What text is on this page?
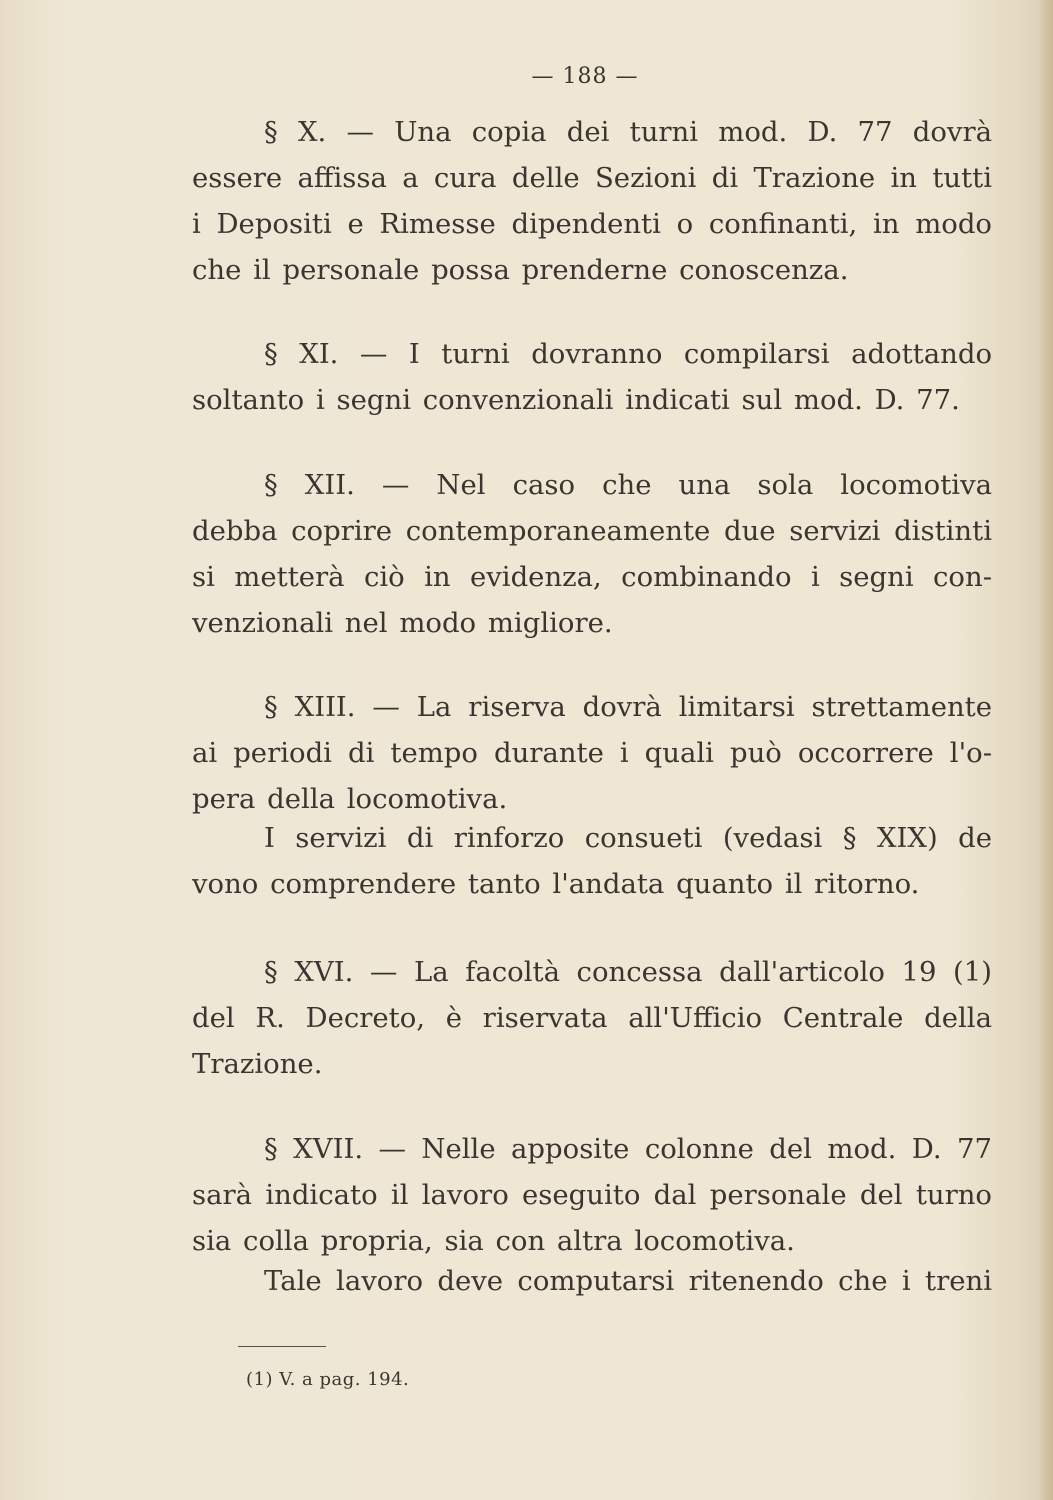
— 188 —

§ X. — Una copia dei turni mod. D. 77 dovrà
essere affissa a cura delle Sezioni di Trazione in tutti
i Depositi e Rimesse dipendenti o confinanti, in modo
che il personale possa prenderne conoscenza.

§ XI. — I turni dovranno compilarsi adottando
soltanto i segni convenzionali indicati sul mod. D. 77.

§ XII. — Nel caso che una sola locomotiva
debba coprire contemporaneamente due servizi distinti
si metterà ciò in evidenza, combinando i segni con-
venzionali nel modo migliore.

§ XIII. — La riserva dovrà limitarsi strettamente
ai periodi di tempo durante i quali può occorrere l'o-
pera della locomotiva.

I servizi di rinforzo consueti (vedasi § XIX) de
vono comprendere tanto l'andata quanto il ritorno.

§ XVI. — La facoltà concessa dall'articolo 19 (1)
del R. Decreto, è riservata all'Ufficio Centrale della
Trazione.

§ XVII. — Nelle apposite colonne del mod. D. 77
sarà indicato il lavoro eseguito dal personale del turno
sia colla propria, sia con altra locomotiva.

Tale lavoro deve computarsi ritenendo che i treni

(1) V. a pag. 194.
